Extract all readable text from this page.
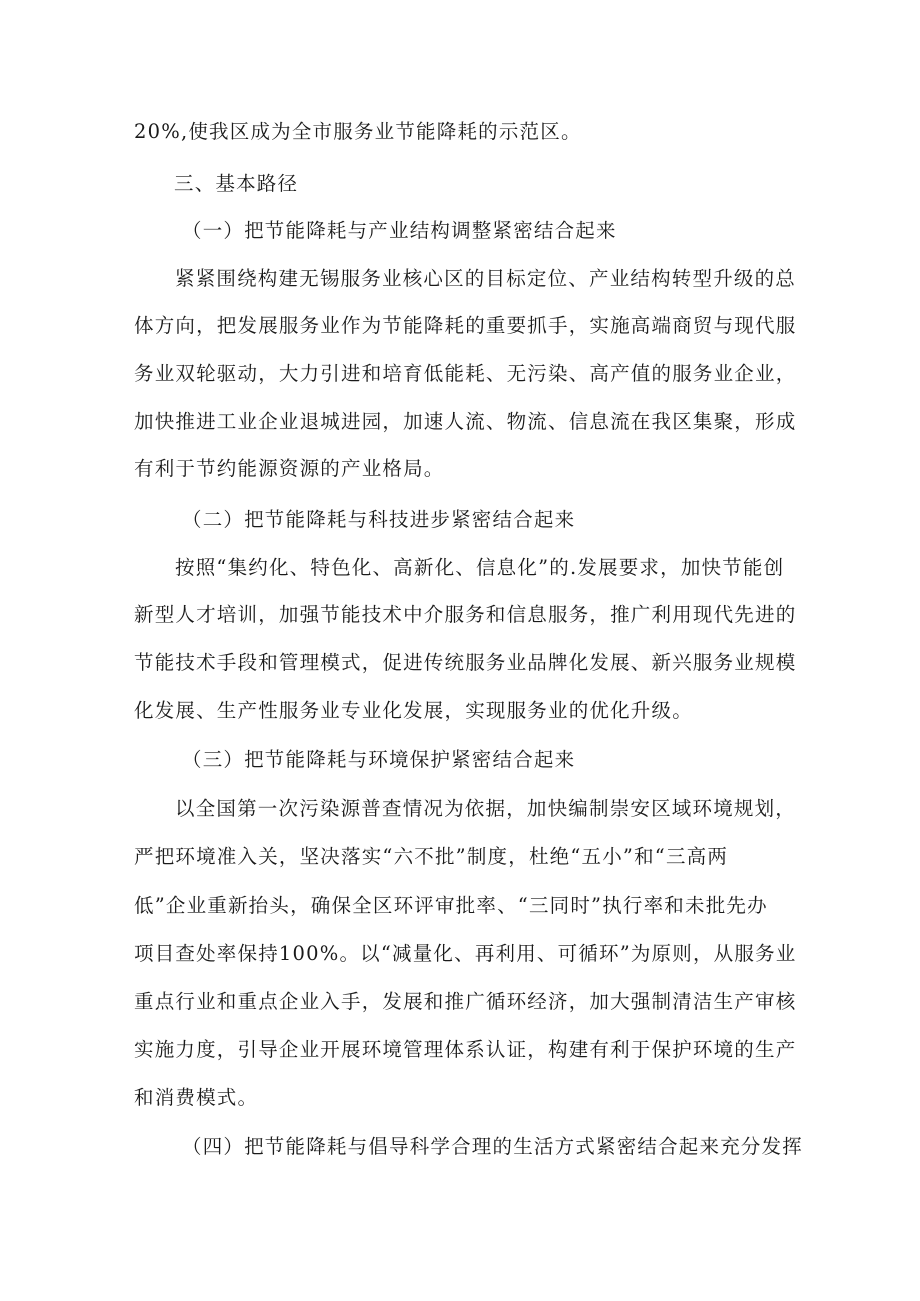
20%,使我区成为全市服务业节能降耗的示范区。
三、基本路径
（一）把节能降耗与产业结构调整紧密结合起来
紧紧围绕构建无锡服务业核心区的目标定位、产业结构转型升级的总
体方向，把发展服务业作为节能降耗的重要抓手，实施高端商贸与现代服
务业双轮驱动，大力引进和培育低能耗、无污染、高产值的服务业企业，
加快推进工业企业退城进园，加速人流、物流、信息流在我区集聚，形成
有利于节约能源资源的产业格局。
（二）把节能降耗与科技进步紧密结合起来
按照“集约化、特色化、高新化、信息化”的.发展要求，加快节能创
新型人才培训，加强节能技术中介服务和信息服务，推广利用现代先进的
节能技术手段和管理模式，促进传统服务业品牌化发展、新兴服务业规模
化发展、生产性服务业专业化发展，实现服务业的优化升级。
（三）把节能降耗与环境保护紧密结合起来
以全国第一次污染源普查情况为依据，加快编制崇安区域环境规划，
严把环境准入关，坚决落实“六不批”制度，杜绝“五小”和“三高两
低”企业重新抬头，确保全区环评审批率、“三同时”执行率和未批先办
项目查处率保持100%。以“减量化、再利用、可循环”为原则，从服务业
重点行业和重点企业入手，发展和推广循环经济，加大强制清洁生产审核
实施力度，引导企业开展环境管理体系认证，构建有利于保护环境的生产
和消费模式。
（四）把节能降耗与倡导科学合理的生活方式紧密结合起来充分发挥
